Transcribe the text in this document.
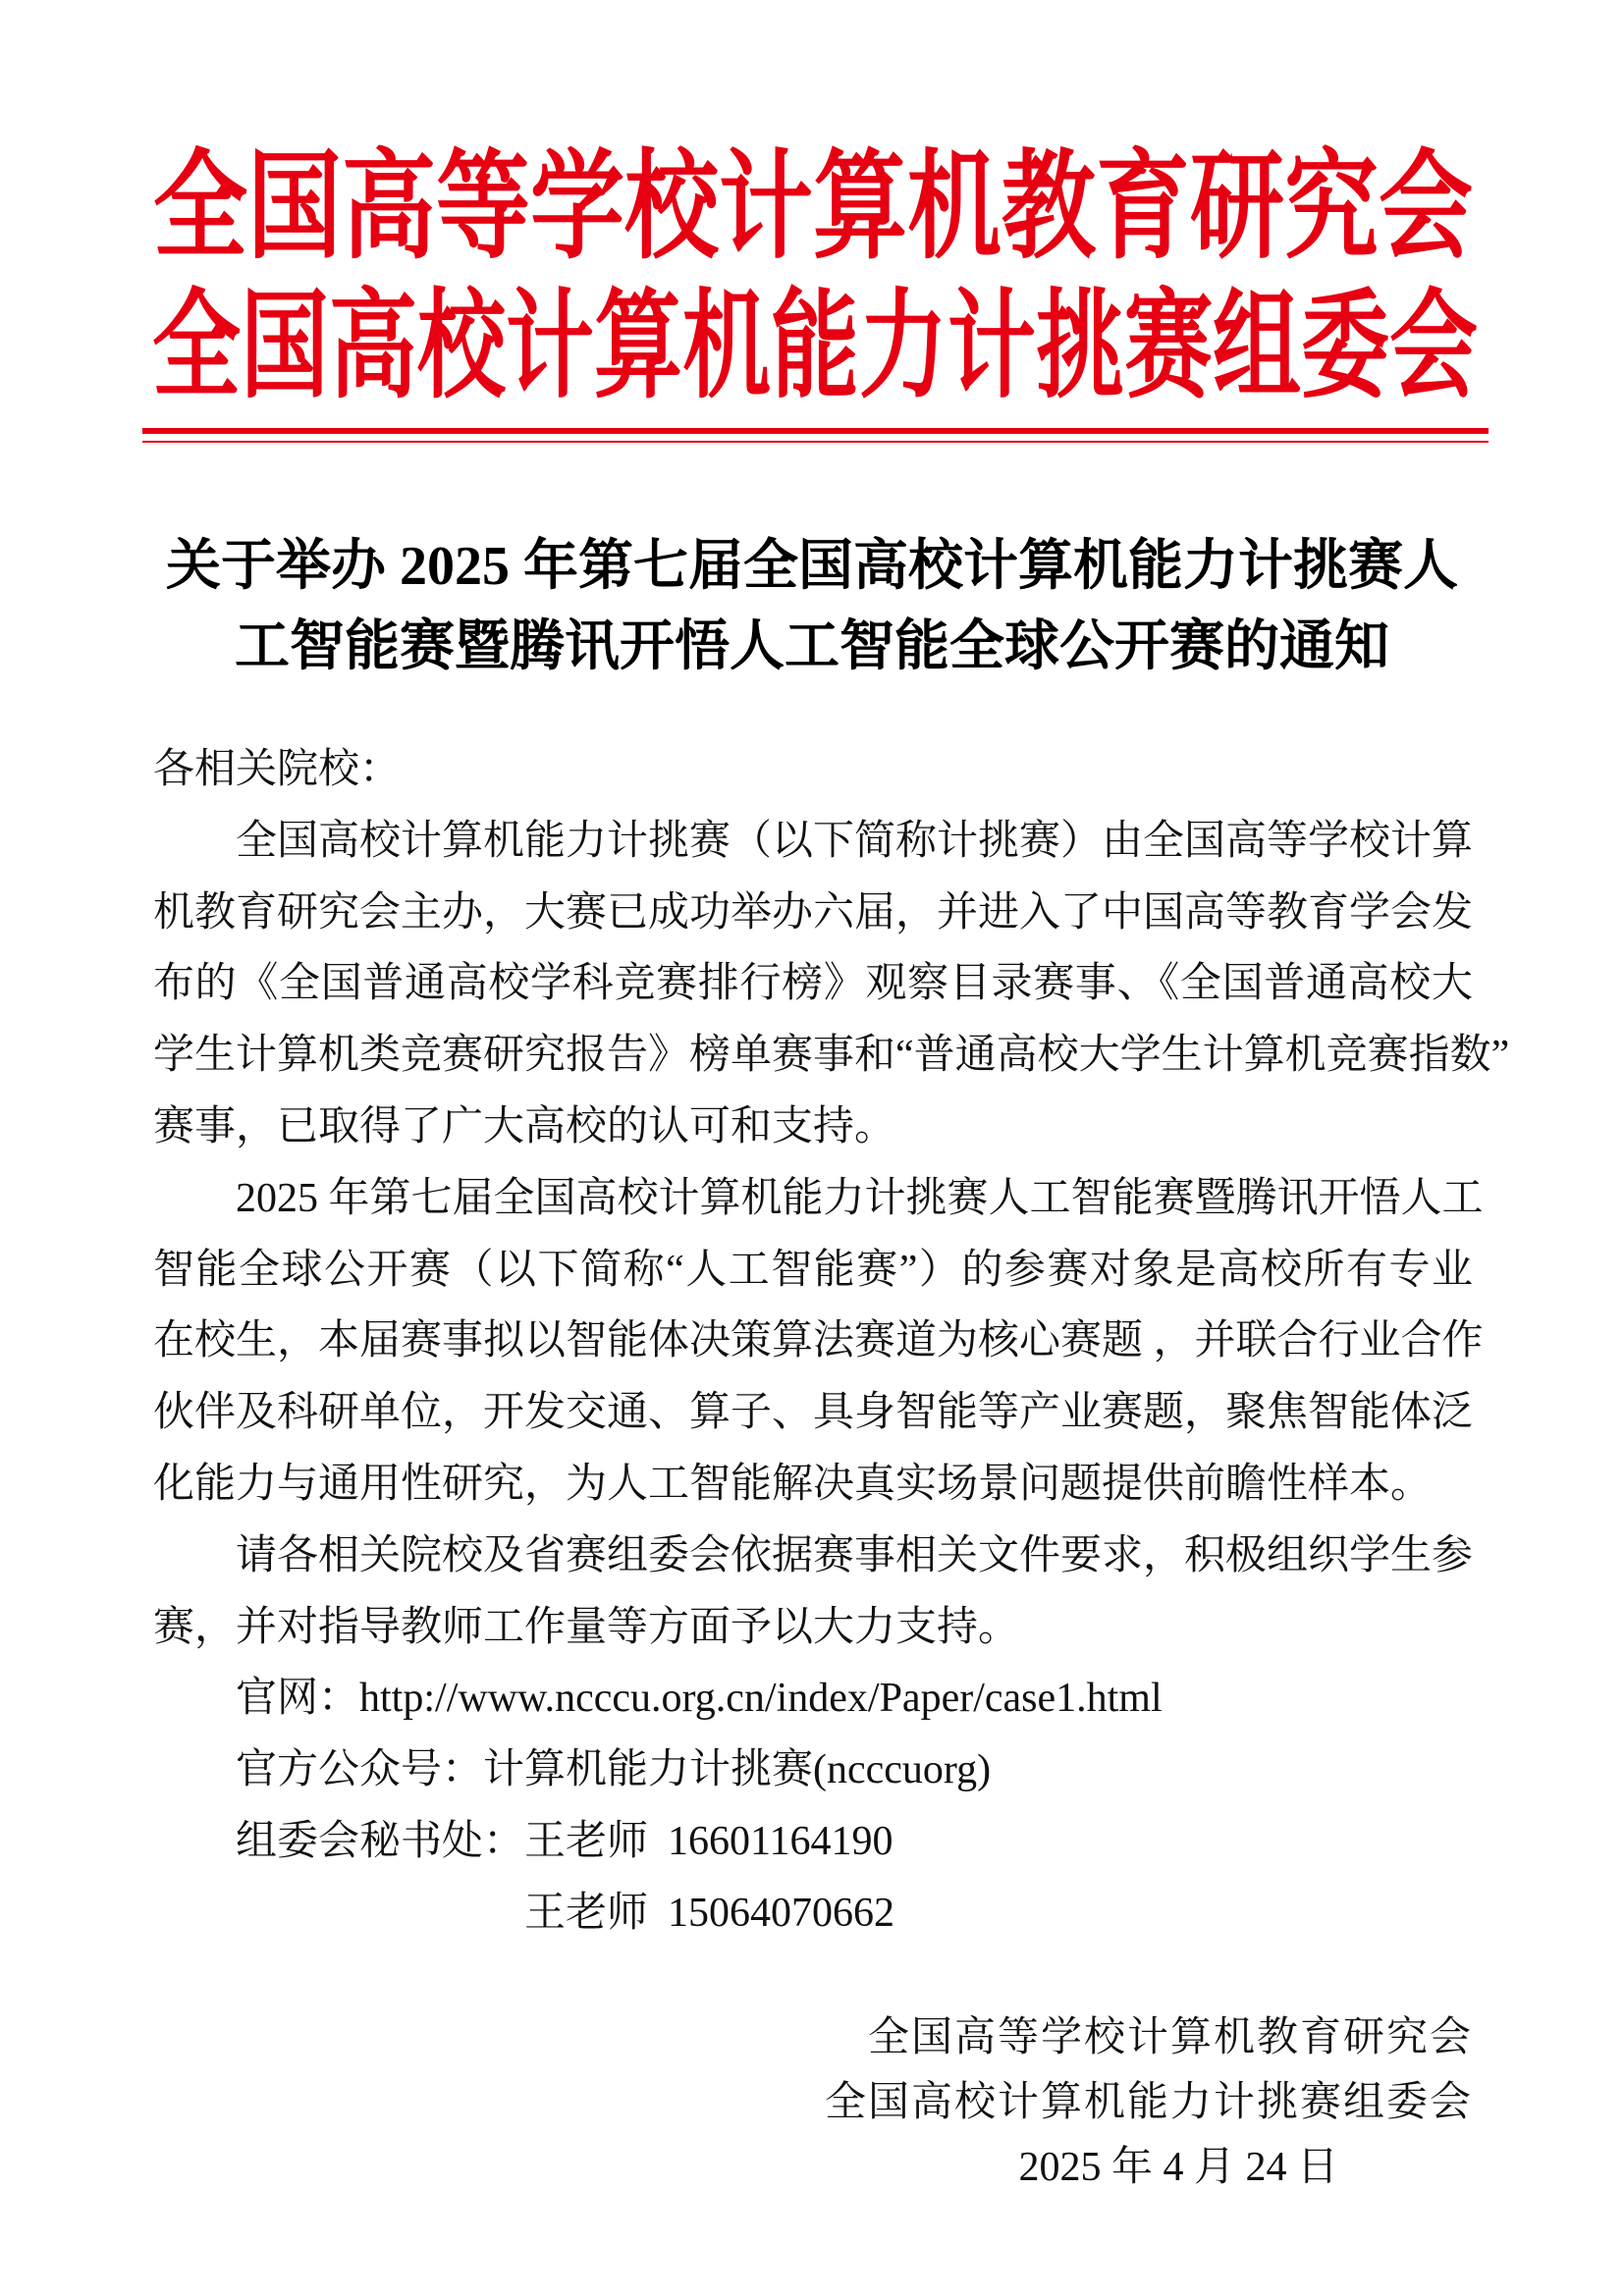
全国高等学校计算机教育研究会
全国高校计算机能力计挑赛组委会
关于举办 2025 年第七届全国高校计算机能力计挑赛人
工智能赛暨腾讯开悟人工智能全球公开赛的通知
各相关院校：
全国高校计算机能力计挑赛（以下简称计挑赛）由全国高等学校计算
机教育研究会主办，大赛已成功举办六届，并进入了中国高等教育学会发
布的《全国普通高校学科竞赛排行榜》观察目录赛事、《全国普通高校大
学生计算机类竞赛研究报告》榜单赛事和“普通高校大学生计算机竞赛指数”
赛事，已取得了广大高校的认可和支持。
2025 年第七届全国高校计算机能力计挑赛人工智能赛暨腾讯开悟人工
智能全球公开赛（以下简称“人工智能赛”）的参赛对象是高校所有专业
在校生，本届赛事拟以智能体决策算法赛道为核心赛题 ，并联合行业合作
伙伴及科研单位，开发交通、算子、具身智能等产业赛题，聚焦智能体泛
化能力与通用性研究，为人工智能解决真实场景问题提供前瞻性样本。
请各相关院校及省赛组委会依据赛事相关文件要求，积极组织学生参
赛，并对指导教师工作量等方面予以大力支持。
官网：http://www.ncccu.org.cn/index/Paper/case1.html
官方公众号：计算机能力计挑赛(ncccuorg)
组委会秘书处：王老师 16601164190
王老师 15064070662
全国高等学校计算机教育研究会
全国高校计算机能力计挑赛组委会
2025 年 4 月 24 日
